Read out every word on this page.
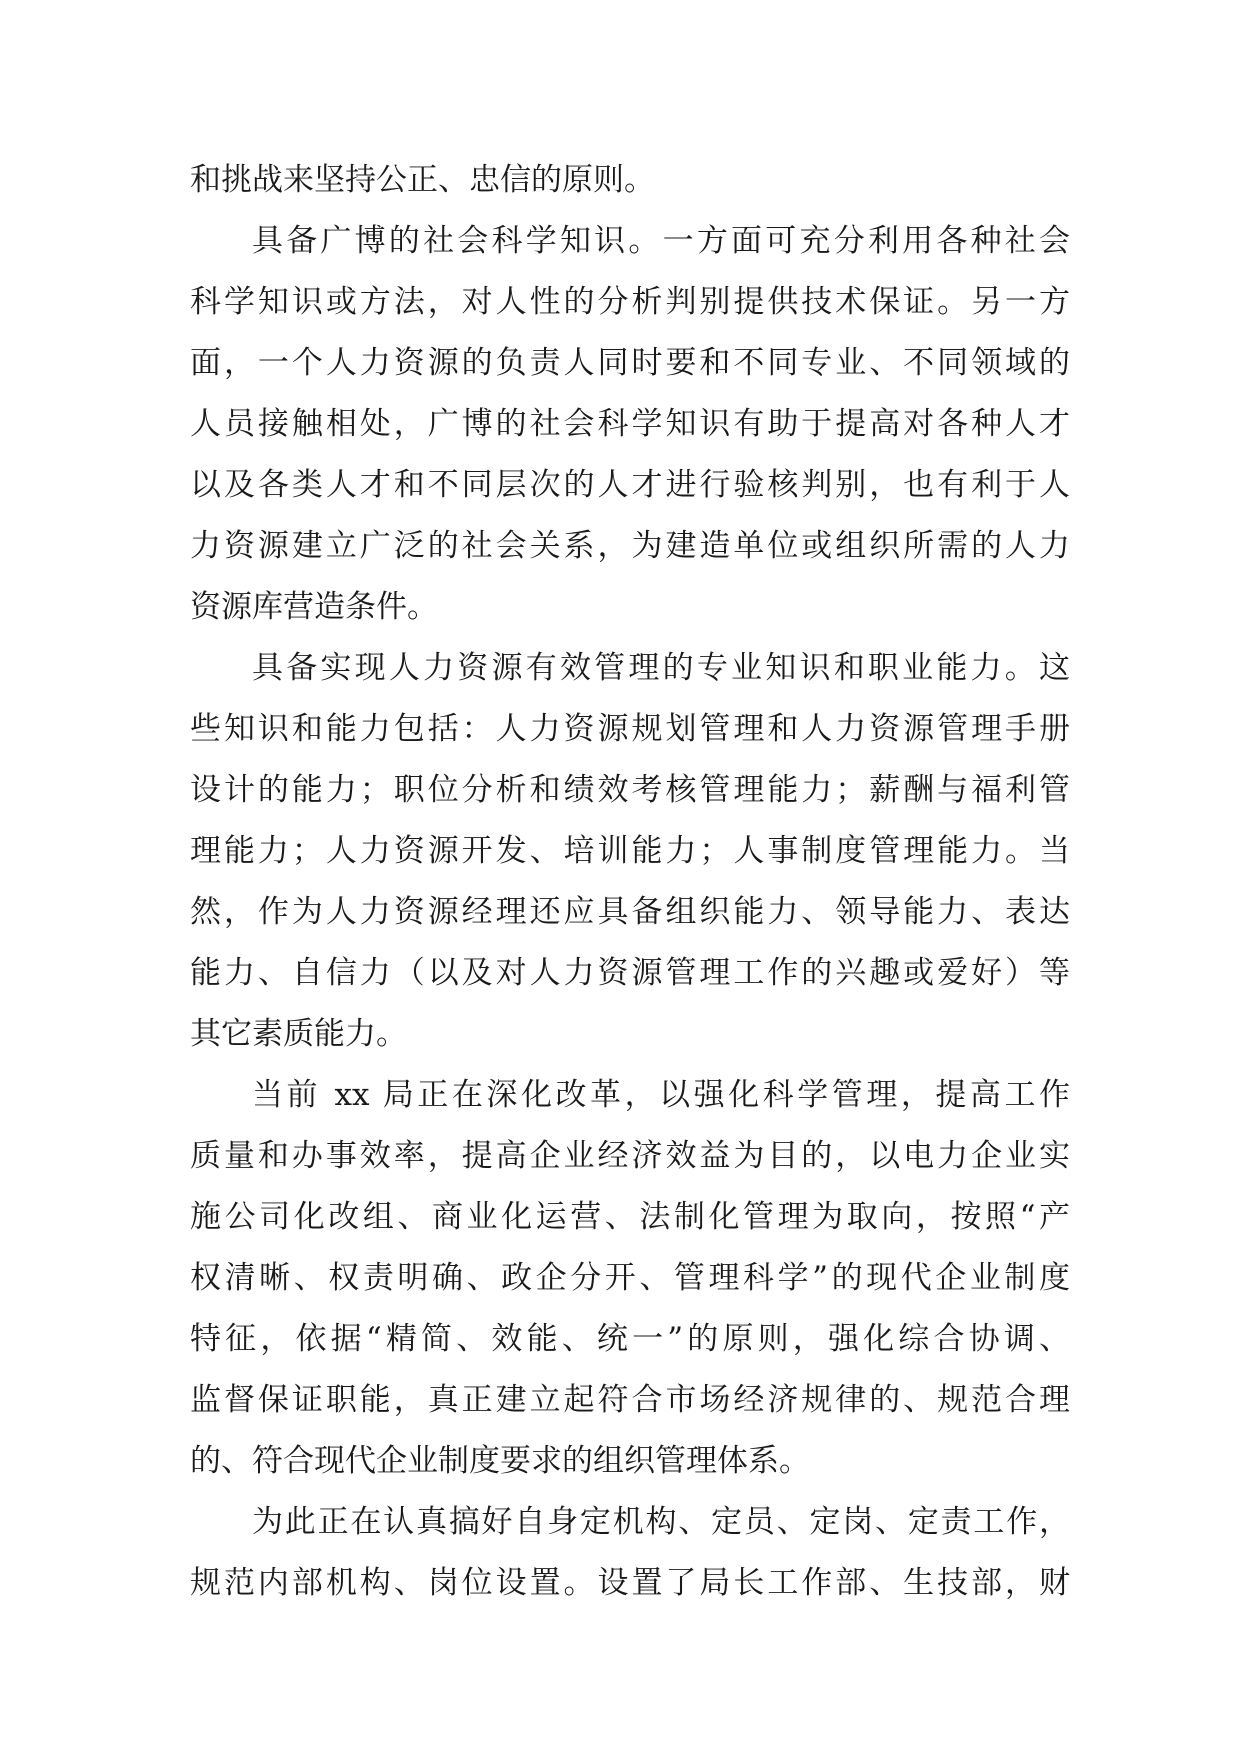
和挑战来坚持公正、忠信的原则。
具备广博的社会科学知识。一方面可充分利用各种社会
科学知识或方法，对人性的分析判别提供技术保证。另一方
面，一个人力资源的负责人同时要和不同专业、不同领域的
人员接触相处，广博的社会科学知识有助于提高对各种人才
以及各类人才和不同层次的人才进行验核判别，也有利于人
力资源建立广泛的社会关系，为建造单位或组织所需的人力
资源库营造条件。
具备实现人力资源有效管理的专业知识和职业能力。这
些知识和能力包括：人力资源规划管理和人力资源管理手册
设计的能力；职位分析和绩效考核管理能力；薪酬与福利管
理能力；人力资源开发、培训能力；人事制度管理能力。当
然，作为人力资源经理还应具备组织能力、领导能力、表达
能力、自信力（以及对人力资源管理工作的兴趣或爱好）等
其它素质能力。
当前 xx 局正在深化改革，以强化科学管理，提高工作
质量和办事效率，提高企业经济效益为目的，以电力企业实
施公司化改组、商业化运营、法制化管理为取向，按照“产
权清晰、权责明确、政企分开、管理科学”的现代企业制度
特征，依据“精简、效能、统一”的原则，强化综合协调、
监督保证职能，真正建立起符合市场经济规律的、规范合理
的、符合现代企业制度要求的组织管理体系。
为此正在认真搞好自身定机构、定员、定岗、定责工作，
规范内部机构、岗位设置。设置了局长工作部、生技部，财
